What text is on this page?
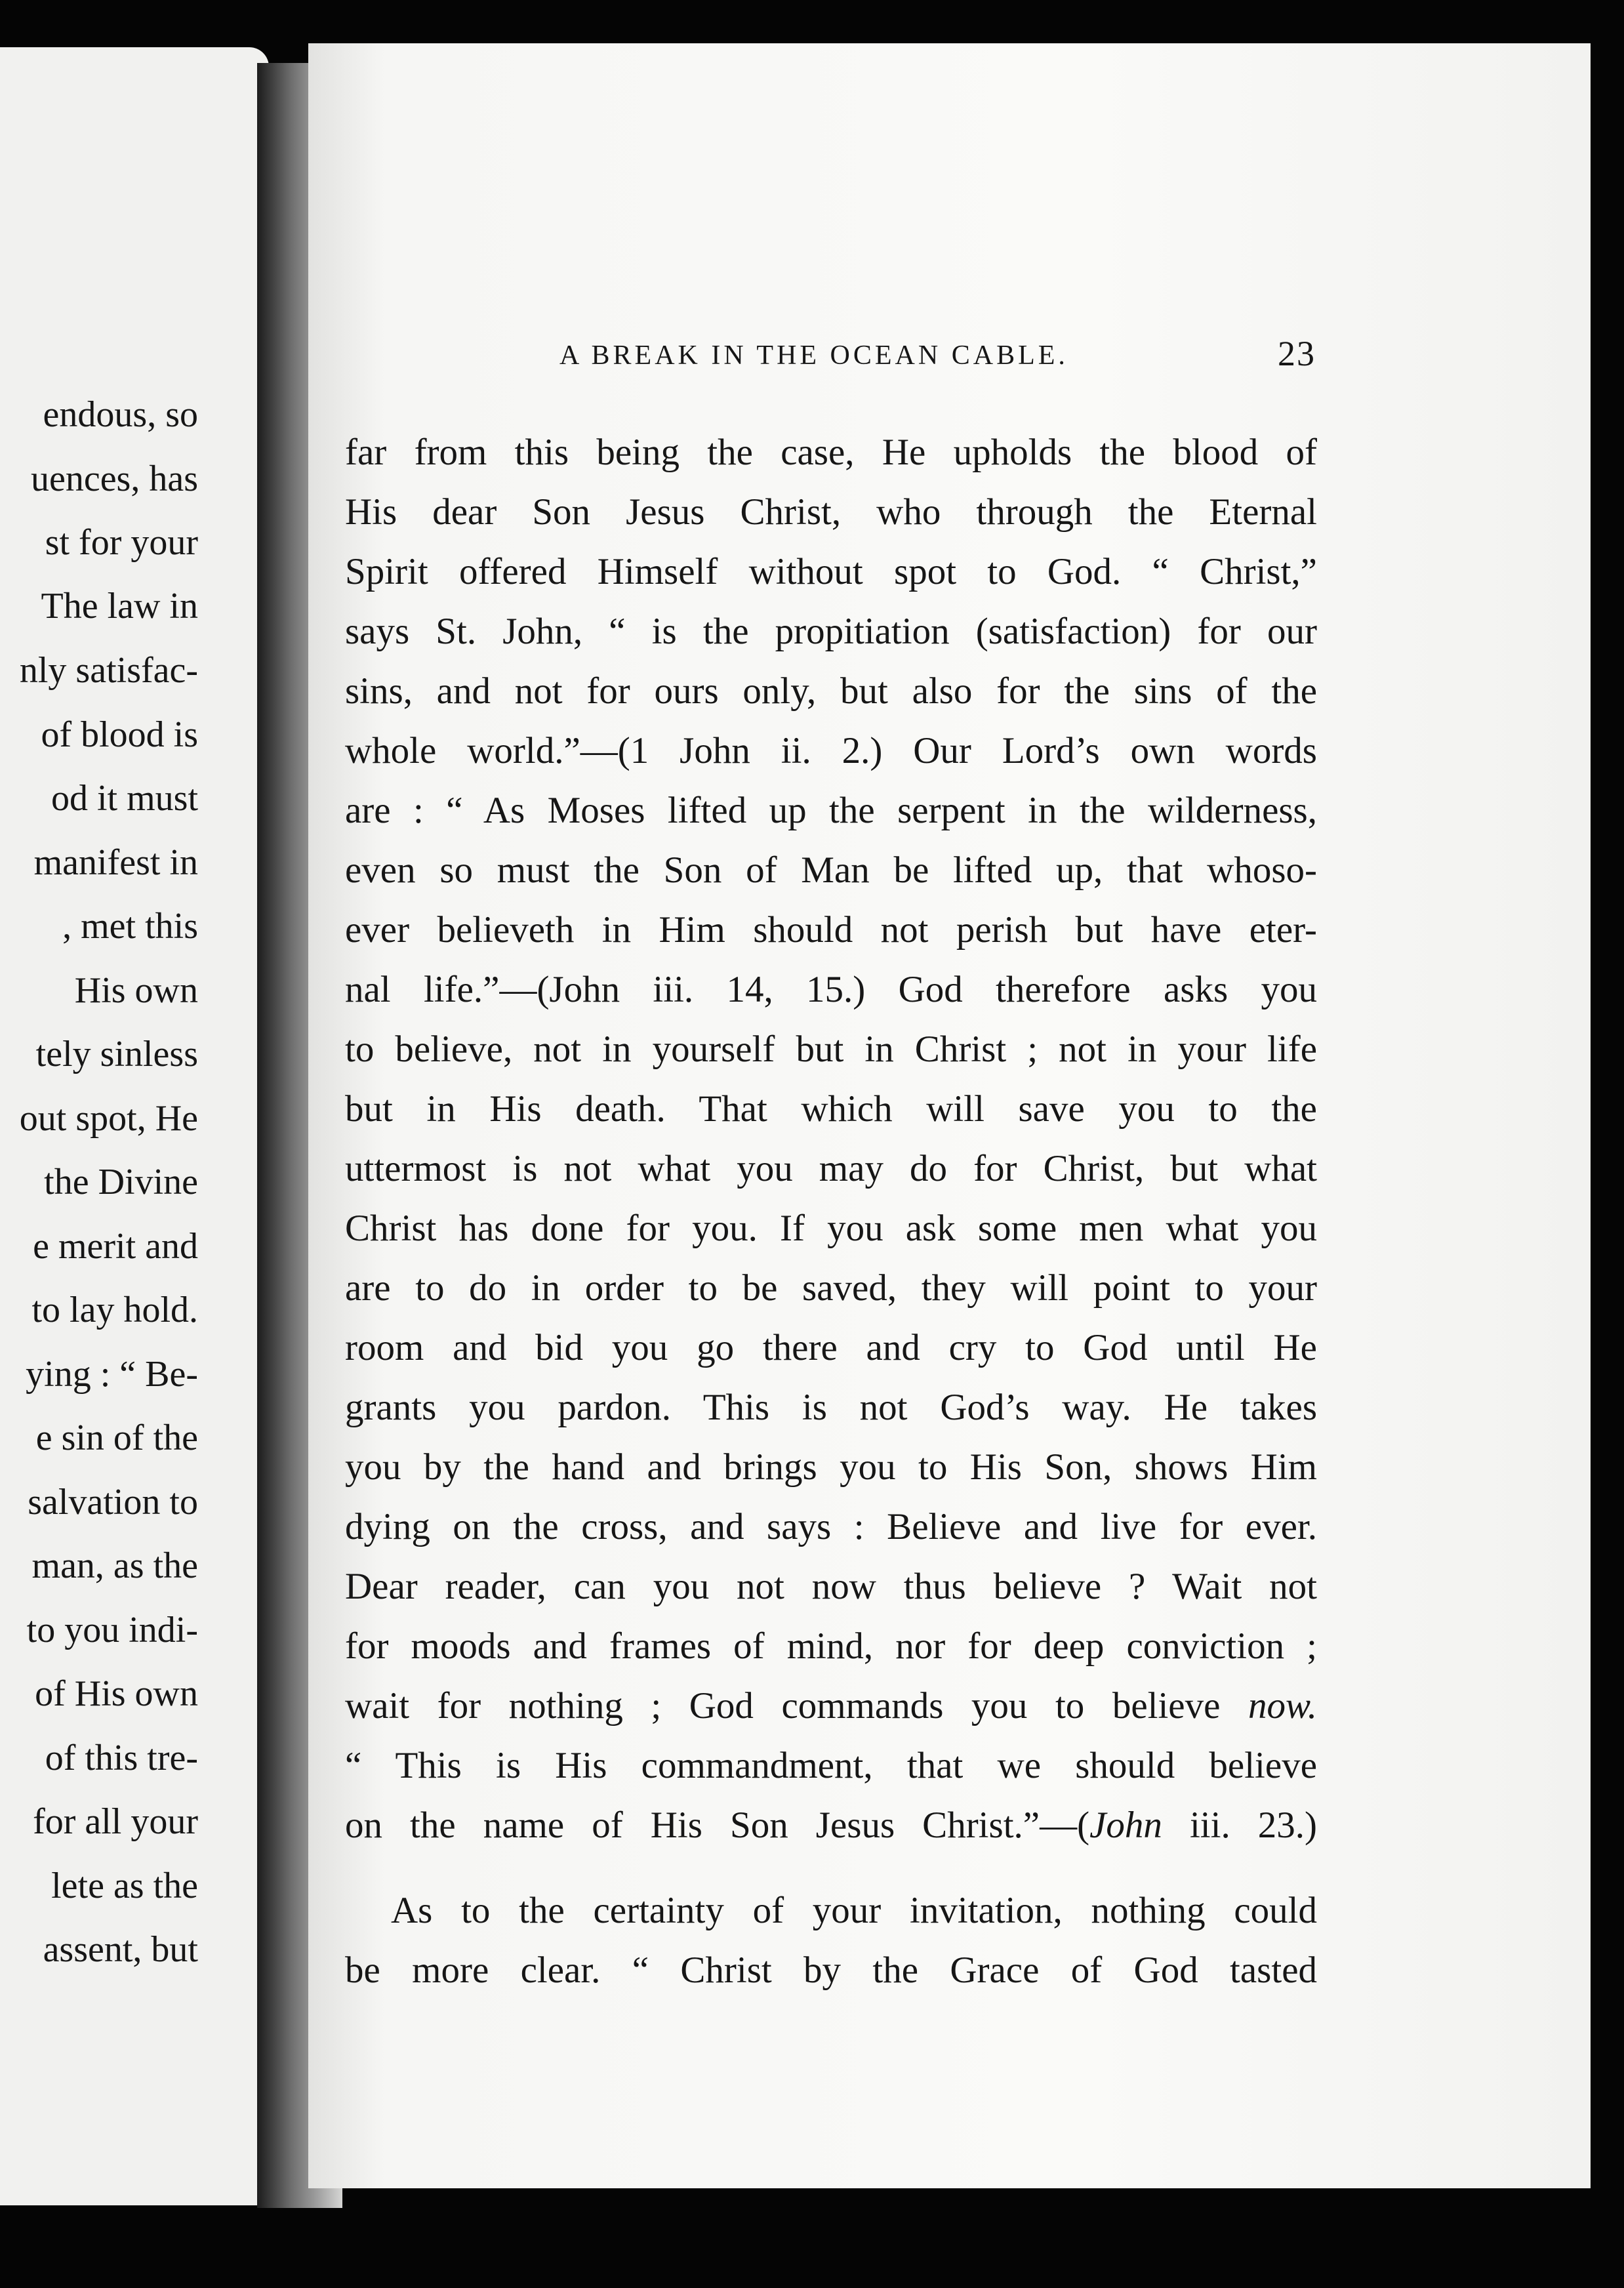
endous, so
uences, has
st for your
The law in
nly satisfac-
of blood is
od it must
manifest in
, met this
His own
tely sinless
out spot, He
the Divine
e merit and
to lay hold.
ying : “ Be-
e sin of the
salvation to
man, as the
to you indi-
of His own
of this tre-
for all your
lete as the
assent, but
A BREAK IN THE OCEAN CABLE.	23
far from this being the case, He upholds the blood of
His dear Son Jesus Christ, who through the Eternal
Spirit offered Himself without spot to God. “ Christ,”
says St. John, “ is the propitiation (satisfaction) for our
sins, and not for ours only, but also for the sins of the
whole world.”—(1 John ii. 2.) Our Lord’s own words
are : “ As Moses lifted up the serpent in the wilderness,
even so must the Son of Man be lifted up, that whoso-
ever believeth in Him should not perish but have eter-
nal life.”—(John iii. 14, 15.) God therefore asks you
to believe, not in yourself but in Christ ; not in your life
but in His death. That which will save you to the
uttermost is not what you may do for Christ, but what
Christ has done for you. If you ask some men what you
are to do in order to be saved, they will point to your
room and bid you go there and cry to God until He
grants you pardon. This is not God’s way. He takes
you by the hand and brings you to His Son, shows Him
dying on the cross, and says : Believe and live for ever.
Dear reader, can you not now thus believe ? Wait not
for moods and frames of mind, nor for deep conviction ;
wait for nothing ; God commands you to believe now.
“ This is His commandment, that we should believe
on the name of His Son Jesus Christ.”—(John iii. 23.)
As to the certainty of your invitation, nothing could
be more clear. “ Christ by the Grace of God tasted
